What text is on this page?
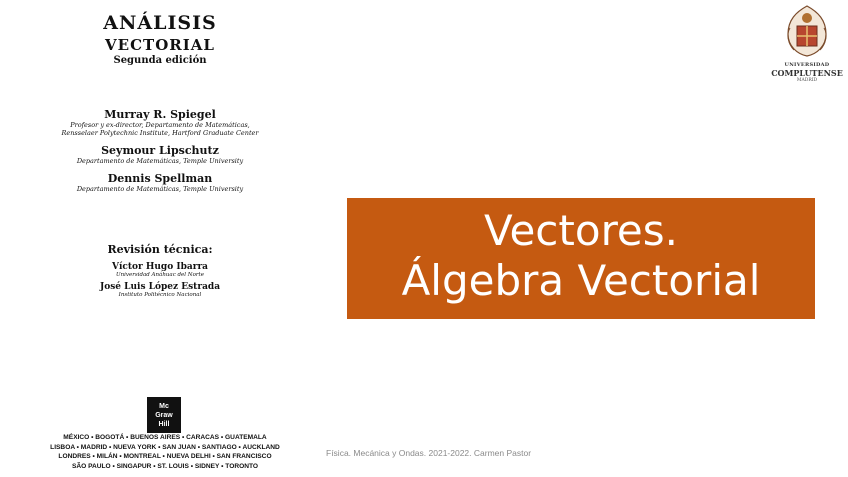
ANÁLISIS
VECTORIAL
Segunda edición
Murray R. Spiegel
Profesor y ex-director, Departamento de Matemáticas,
Rensselaer Polytechnic Institute, Hartford Graduate Center
Seymour Lipschutz
Departamento de Matemáticas, Temple University
Dennis Spellman
Departamento de Matemáticas, Temple University
Revisión técnica:
Víctor Hugo Ibarra
Universidad Anáhuac del Norte
José Luis López Estrada
Instituto Politécnico Nacional
Mc
Graw
Hill
MÉXICO • BOGOTÁ • BUENOS AIRES • CARACAS • GUATEMALA
LISBOA • MADRID • NUEVA YORK • SAN JUAN • SANTIAGO • AUCKLAND
LONDRES • MILÁN • MONTREAL • NUEVA DELHI • SAN FRANCISCO
SÃO PAULO • SINGAPUR • ST. LOUIS • SIDNEY • TORONTO
Física. Mecánica y Ondas. 2021-2022. Carmen Pastor
UNIVERSIDAD
COMPLUTENSE
MADRID
Vectores.
Álgebra Vectorial
